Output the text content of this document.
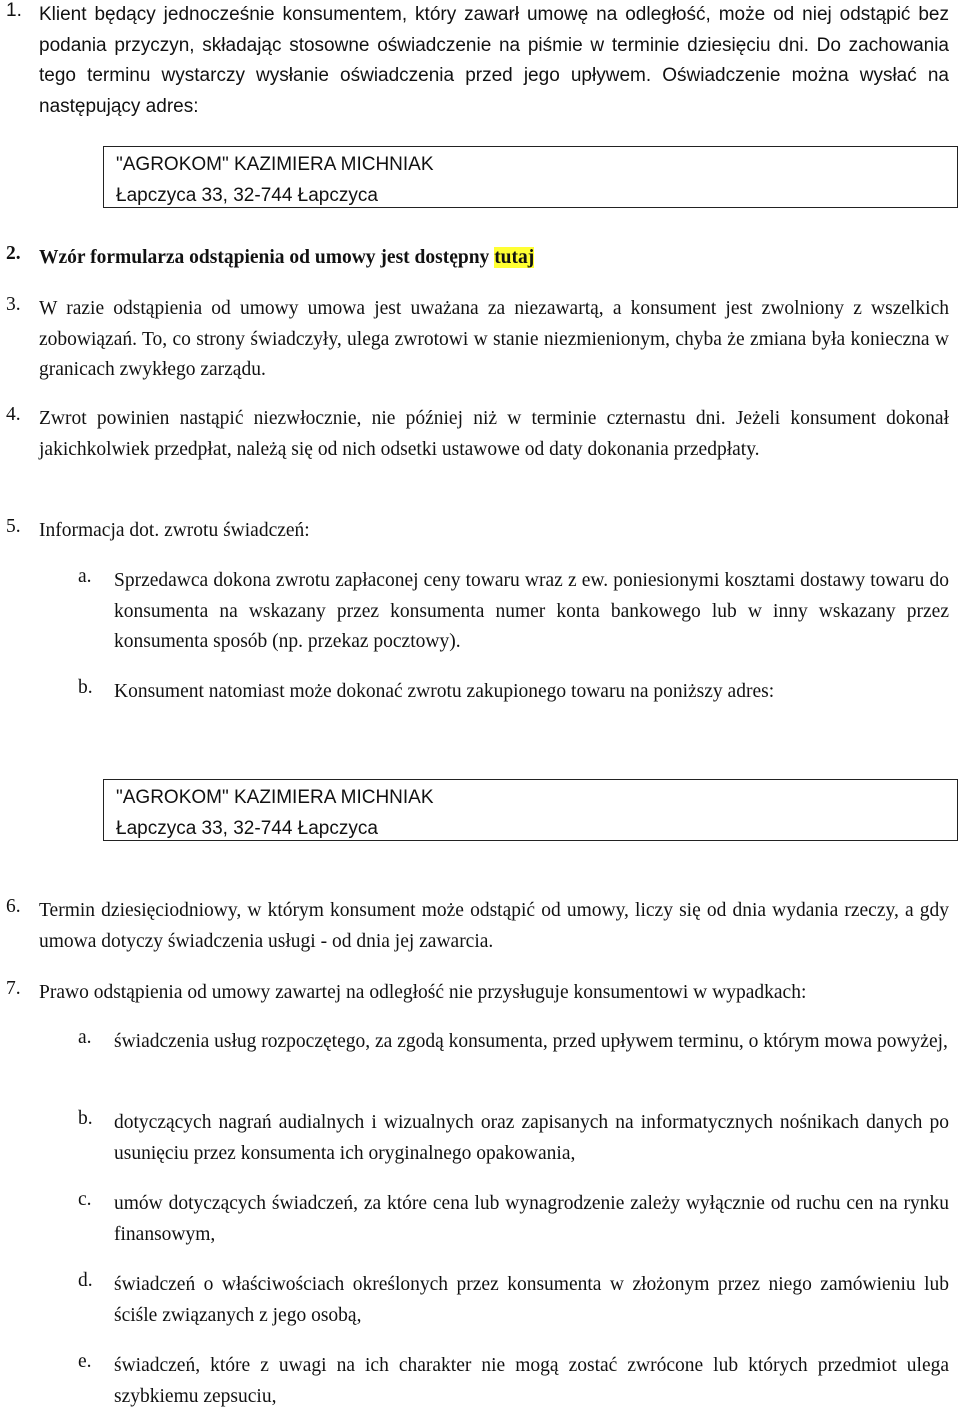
1. Klient będący jednocześnie konsumentem, który zawarł umowę na odległość, może od niej odstąpić bez podania przyczyn, składając stosowne oświadczenie na piśmie w terminie dziesięciu dni. Do zachowania tego terminu wystarczy wysłanie oświadczenia przed jego upływem. Oświadczenie można wysłać na następujący adres:
"AGROKOM" KAZIMIERA MICHNIAK
Łapczyca 33, 32-744 Łapczyca
2. Wzór formularza odstąpienia od umowy jest dostępny tutaj
3. W razie odstąpienia od umowy umowa jest uważana za niezawartą, a konsument jest zwolniony z wszelkich zobowiązań. To, co strony świadczyły, ulega zwrotowi w stanie niezmienionym, chyba że zmiana była konieczna w granicach zwykłego zarządu.
4. Zwrot powinien nastąpić niezwłocznie, nie później niż w terminie czternastu dni. Jeżeli konsument dokonał jakichkolwiek przedpłat, należą się od nich odsetki ustawowe od daty dokonania przedpłaty.
5. Informacja dot. zwrotu świadczeń:
a. Sprzedawca dokona zwrotu zapłaconej ceny towaru wraz z ew. poniesionymi kosztami dostawy towaru do konsumenta na wskazany przez konsumenta numer konta bankowego lub w inny wskazany przez konsumenta sposób (np. przekaz pocztowy).
b. Konsument natomiast może dokonać zwrotu zakupionego towaru na poniższy adres:
"AGROKOM" KAZIMIERA MICHNIAK
Łapczyca 33, 32-744 Łapczyca
6. Termin dziesięciodniowy, w którym konsument może odstąpić od umowy, liczy się od dnia wydania rzeczy, a gdy umowa dotyczy świadczenia usługi - od dnia jej zawarcia.
7. Prawo odstąpienia od umowy zawartej na odległość nie przysługuje konsumentowi w wypadkach:
a. świadczenia usług rozpoczętego, za zgodą konsumenta, przed upływem terminu, o którym mowa powyżej,
b. dotyczących nagrań audialnych i wizualnych oraz zapisanych na informatycznych nośnikach danych po usunięciu przez konsumenta ich oryginalnego opakowania,
c. umów dotyczących świadczeń, za które cena lub wynagrodzenie zależy wyłącznie od ruchu cen na rynku finansowym,
d. świadczeń o właściwościach określonych przez konsumenta w złożonym przez niego zamówieniu lub ściśle związanych z jego osobą,
e. świadczeń, które z uwagi na ich charakter nie mogą zostać zwrócone lub których przedmiot ulega szybkiemu zepsuciu,
